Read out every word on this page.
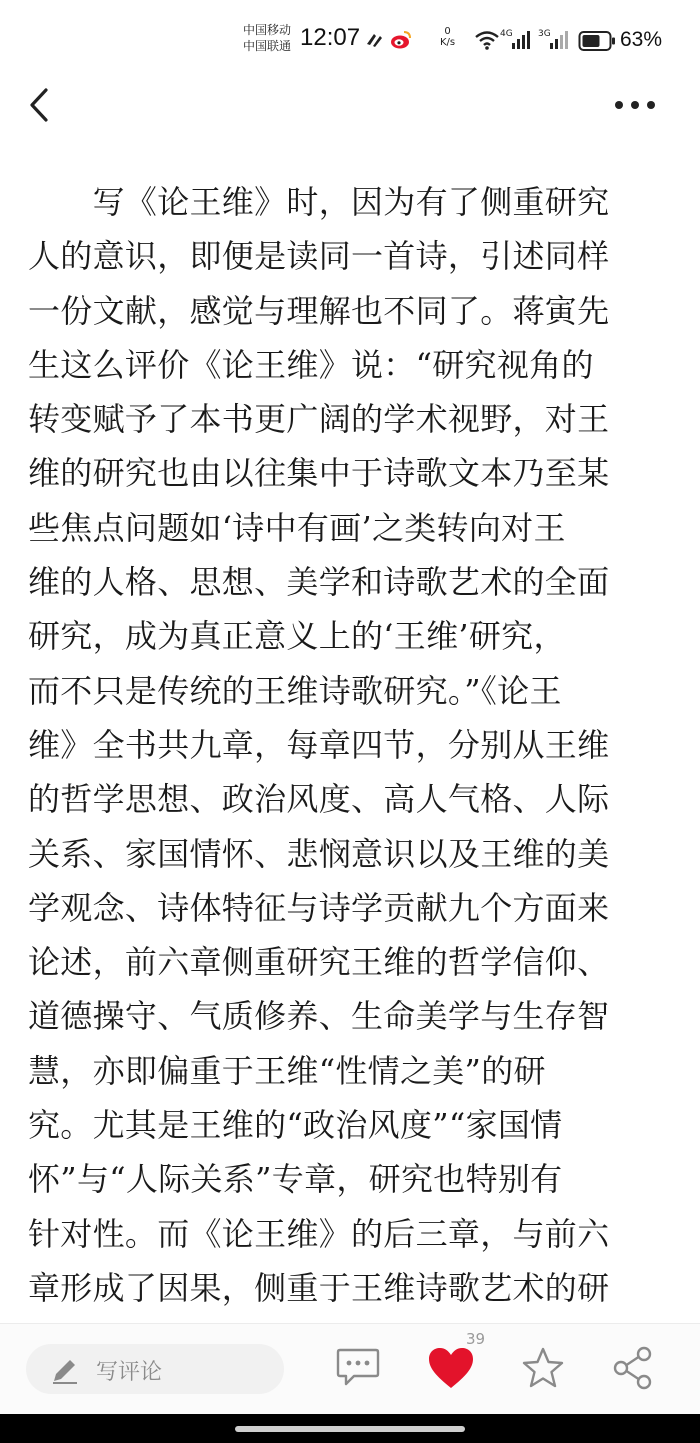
中国移动
中国联通 12:07	0
K/s
4G	3G	63%
　　写《论王维》时，因为有了侧重研究
人的意识，即便是读同一首诗，引述同样
一份文献，感觉与理解也不同了。蒋寅先
生这么评价《论王维》说：“研究视角的
转变赋予了本书更广阔的学术视野，对王
维的研究也由以往集中于诗歌文本乃至某
些焦点问题如‘诗中有画’之类转向对王
维的人格、思想、美学和诗歌艺术的全面
研究，成为真正意义上的‘王维’研究，
而不只是传统的王维诗歌研究。”《论王
维》全书共九章，每章四节，分别从王维
的哲学思想、政治风度、高人气格、人际
关系、家国情怀、悲悯意识以及王维的美
学观念、诗体特征与诗学贡献九个方面来
论述，前六章侧重研究王维的哲学信仰、
道德操守、气质修养、生命美学与生存智
慧，亦即偏重于王维“性情之美”的研
究。尤其是王维的“政治风度”“家国情
怀”与“人际关系”专章，研究也特别有
针对性。而《论王维》的后三章，与前六
章形成了因果，侧重于王维诗歌艺术的研
写评论
39
